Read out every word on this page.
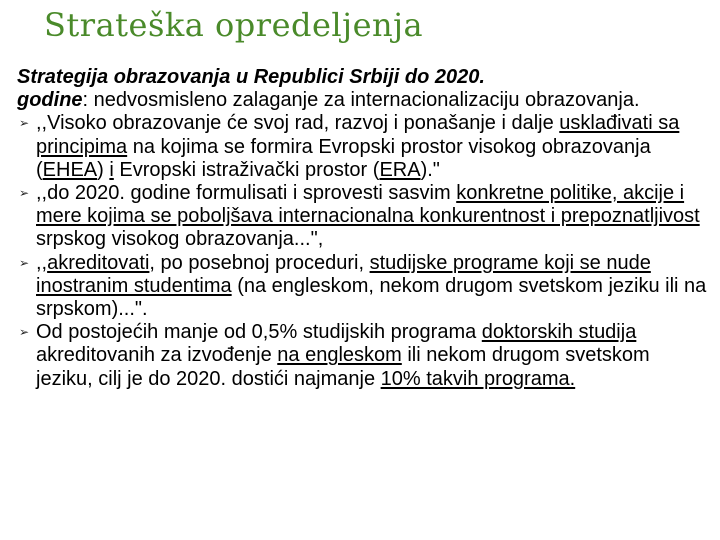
Strateška opredeljenja

Strategija obrazovanja u Republici Srbiji do 2020.
godine: nedvosmisleno zalaganje za internacionalizaciju obrazovanja.

➢ ,,Visoko obrazovanje će svoj rad, razvoj i ponašanje i dalje usklađivati sa principima na kojima se formira Evropski prostor visokog obrazovanja (EHEA) i Evropski istraživački prostor (ERA)."
➢ ,,do 2020. godine formulisati i sprovesti sasvim konkretne politike, akcije i mere kojima se poboljšava internacionalna konkurentnost i prepoznatljivost srpskog visokog obrazovanja...",
➢ ,,akreditovati, po posebnoj proceduri, studijske programe koji se nude inostranim studentima (na engleskom, nekom drugom svetskom jeziku ili na srpskom)...".
➢ Od postojećih manje od 0,5% studijskih programa doktorskih studija akreditovanih za izvođenje na engleskom ili nekom drugom svetskom jeziku, cilj je do 2020. dostići najmanje 10% takvih programa.
